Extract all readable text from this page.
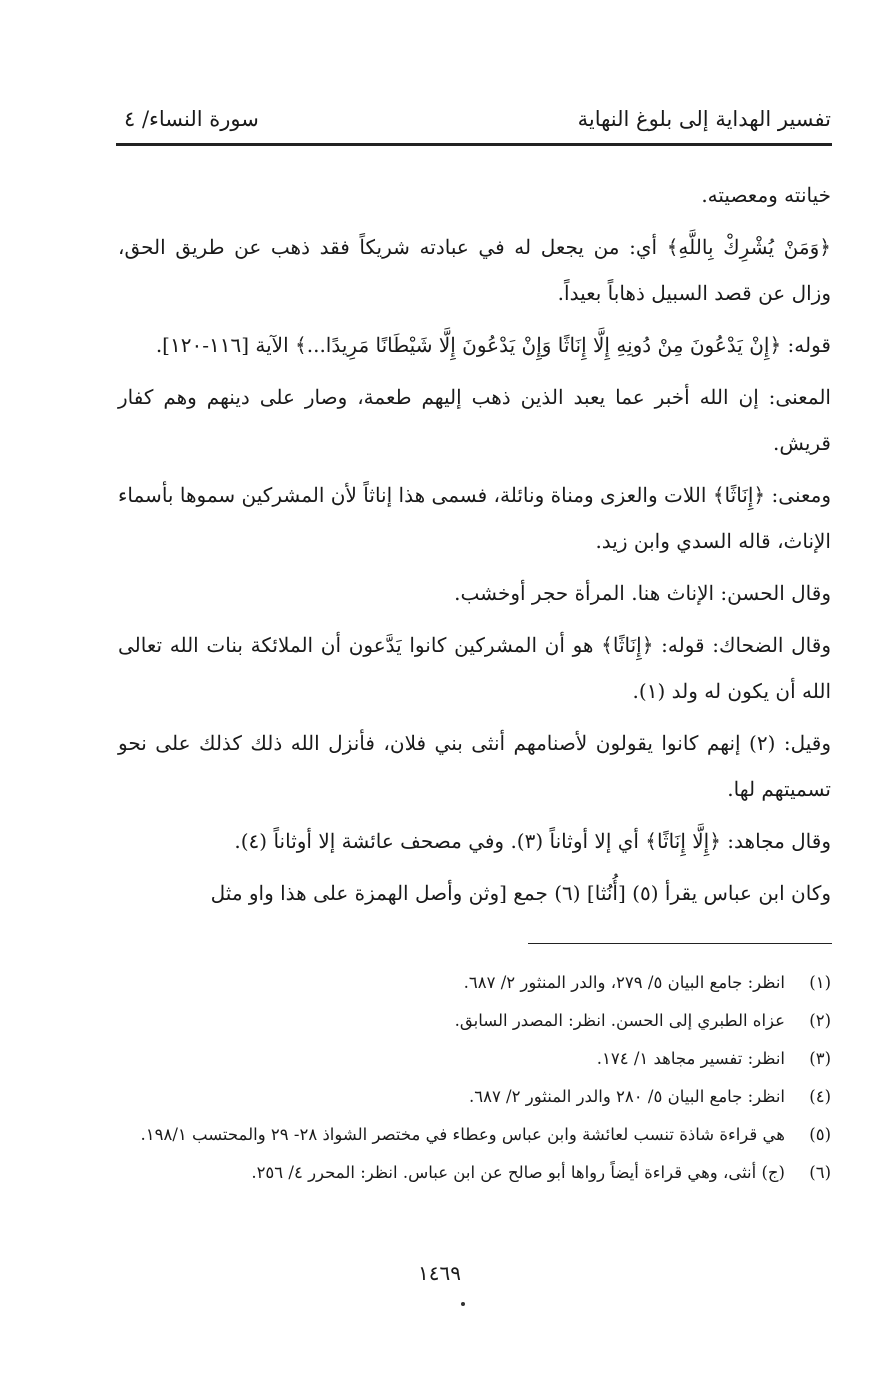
تفسير الهداية إلى بلوغ النهاية
سورة النساء/ ٤

خيانته ومعصيته.

﴿وَمَنْ يُشْرِكْ بِاللَّهِ﴾ أي: من يجعل له في عبادته شريكاً فقد ذهب عن طريق الحق، وزال عن قصد السبيل ذهاباً بعيداً.

قوله: ﴿إِنْ يَدْعُونَ مِنْ دُونِهِ إِلَّا إِنَاثًا وَإِنْ يَدْعُونَ إِلَّا شَيْطَانًا مَرِيدًا...﴾ الآية [١١٦-١٢٠].

المعنى: إن الله أخبر عما يعبد الذين ذهب إليهم طعمة، وصار على دينهم وهم كفار قريش.

ومعنى: ﴿إِنَاثًا﴾ اللات والعزى ومناة ونائلة، فسمى هذا إناثاً لأن المشركين سموها بأسماء الإناث، قاله السدي وابن زيد.

وقال الحسن: الإناث هنا. المرأة حجر أوخشب.

وقال الضحاك: قوله: ﴿إِنَاثًا﴾ هو أن المشركين كانوا يَدَّعون أن الملائكة بنات الله تعالى الله أن يكون له ولد (١).

وقيل: (٢) إنهم كانوا يقولون لأصنامهم أنثى بني فلان، فأنزل الله ذلك كذلك على نحو تسميتهم لها.

وقال مجاهد: ﴿إِلَّا إِنَاثًا﴾ أي إلا أوثاناً (٣). وفي مصحف عائشة إلا أوثاناً (٤).

وكان ابن عباس يقرأ (٥) [أُنُثا] (٦) جمع [وثن وأصل الهمزة على هذا واو مثل

(١)
انظر: جامع البيان ٥/ ٢٧٩، والدر المنثور ٢/ ٦٨٧.
(٢)
عزاه الطبري إلى الحسن. انظر: المصدر السابق.
(٣)
انظر: تفسير مجاهد ١/ ١٧٤.
(٤)
انظر: جامع البيان ٥/ ٢٨٠ والدر المنثور ٢/ ٦٨٧.
(٥)
هي قراءة شاذة تنسب لعائشة وابن عباس وعطاء في مختصر الشواذ ٢٨- ٢٩ والمحتسب ١٩٨/١.
(٦)
(ج) أنثى، وهي قراءة أيضاً رواها أبو صالح عن ابن عباس. انظر: المحرر ٤/ ٢٥٦.
١٤٦٩
